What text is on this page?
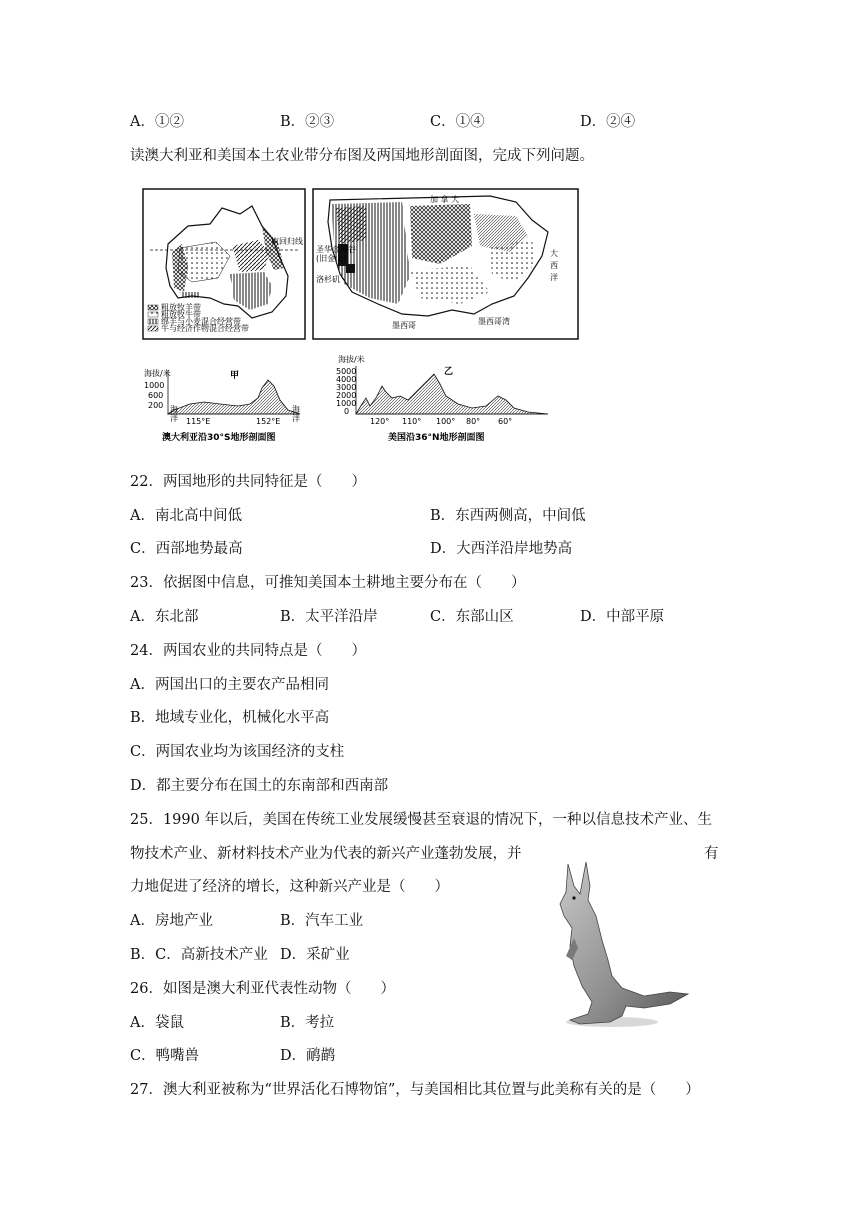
A．①②	B．②③	C．①④	D．②④
读澳大利亚和美国本土农业带分布图及两国地形剖面图，完成下列问题。
南回归线
粗放牧羊带
粗放牧牛带
绵羊与小麦混合经营带
牛与经济作物混合经营带
加 拿 大
圣华金河谷(旧金山)
洛杉矶
大西洋
墨西哥	墨西哥湾
海拔/米
1000
600
200
甲
海洋
海洋
115°E	152°E
澳大利亚沿30°S地形剖面图
海拔/米
5000
4000
3000
2000
1000
0
乙
120° 110° 100° 80° 60°
美国沿36°N地形剖面图
22．两国地形的共同特征是（　　）
A．南北高中间低	B．东西两侧高，中间低
C．西部地势最高	D．大西洋沿岸地势高
23．依据图中信息，可推知美国本土耕地主要分布在（　　）
A．东北部	B．太平洋沿岸	C．东部山区	D．中部平原
24．两国农业的共同特点是（　　）
A．两国出口的主要农产品相同
B．地域专业化，机械化水平高
C．两国农业均为该国经济的支柱
D．都主要分布在国土的东南部和西南部
25．1990 年以后，美国在传统工业发展缓慢甚至衰退的情况下，一种以信息技术产业、生
物技术产业、新材料技术产业为代表的新兴产业蓬勃发展，并	有
力地促进了经济的增长，这种新兴产业是（　　）
A．房地产业	B．汽车工业
B．C．高新技术产业 D．采矿业
26．如图是澳大利亚代表性动物（　　）
A．袋鼠	B．考拉
C．鸭嘴兽	D．鸸鹋
27．澳大利亚被称为“世界活化石博物馆”，与美国相比其位置与此美称有关的是（　　）
